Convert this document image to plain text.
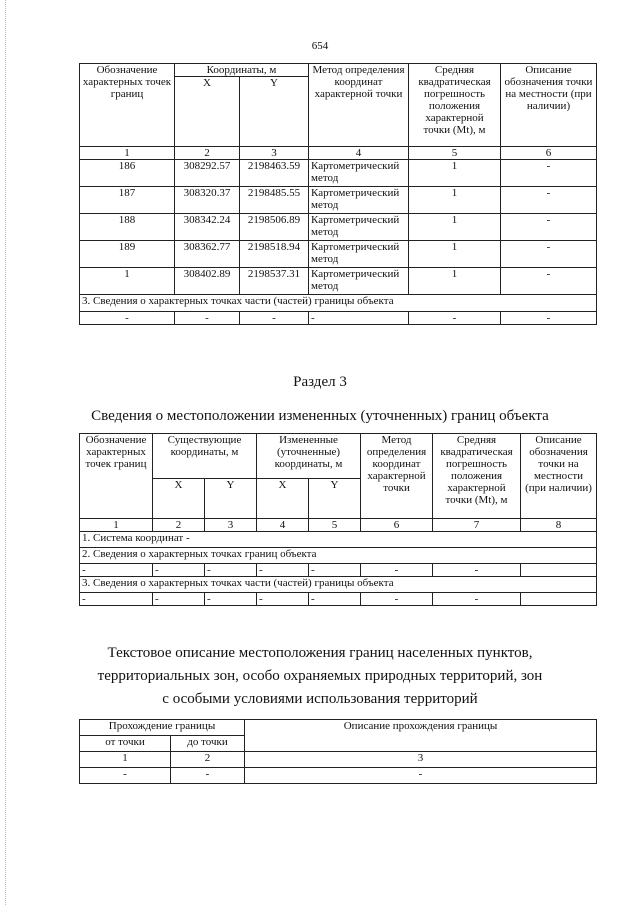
654
Обозначение характерных точек границ	Координаты, м		Метод определения координат характерной точки	Средняя квадратическая погрешность положения характерной точки (Mt), м	Описание обозначения точки на местности (при наличии)
	X	Y			
1	2	3	4	5	6
186	308292.57	2198463.59	Картометрический метод	1	-
187	308320.37	2198485.55	Картометрический метод	1	-
188	308342.24	2198506.89	Картометрический метод	1	-
189	308362.77	2198518.94	Картометрический метод	1	-
1	308402.89	2198537.31	Картометрический метод	1	-
3. Сведения о характерных точках части (частей) границы объекта					
-	-	-	-	-	-
Раздел 3
Сведения о местоположении измененных (уточненных) границ объекта
Обозначение характерных точек границ	Существующие координаты, м		Измененные (уточненные) координаты, м		Метод определения координат характерной точки	Средняя квадратическая погрешность положения характерной точки (Mt), м	Описание обозначения точки на местности (при наличии)
	X	Y	X	Y			
1	2	3	4	5	6	7	8
1. Система координат -							
2. Сведения о характерных точках границ объекта							
-	-	-	-	-	-	-	
3. Сведения о характерных точках части (частей) границы объекта							
-	-	-	-	-	-	-	
Текстовое описание местоположения границ населенных пунктов,
территориальных зон, особо охраняемых природных территорий, зон
с особыми условиями использования территорий
Прохождение границы		Описание прохождения границы
от точки	до точки	
1	2	3
-	-	-
